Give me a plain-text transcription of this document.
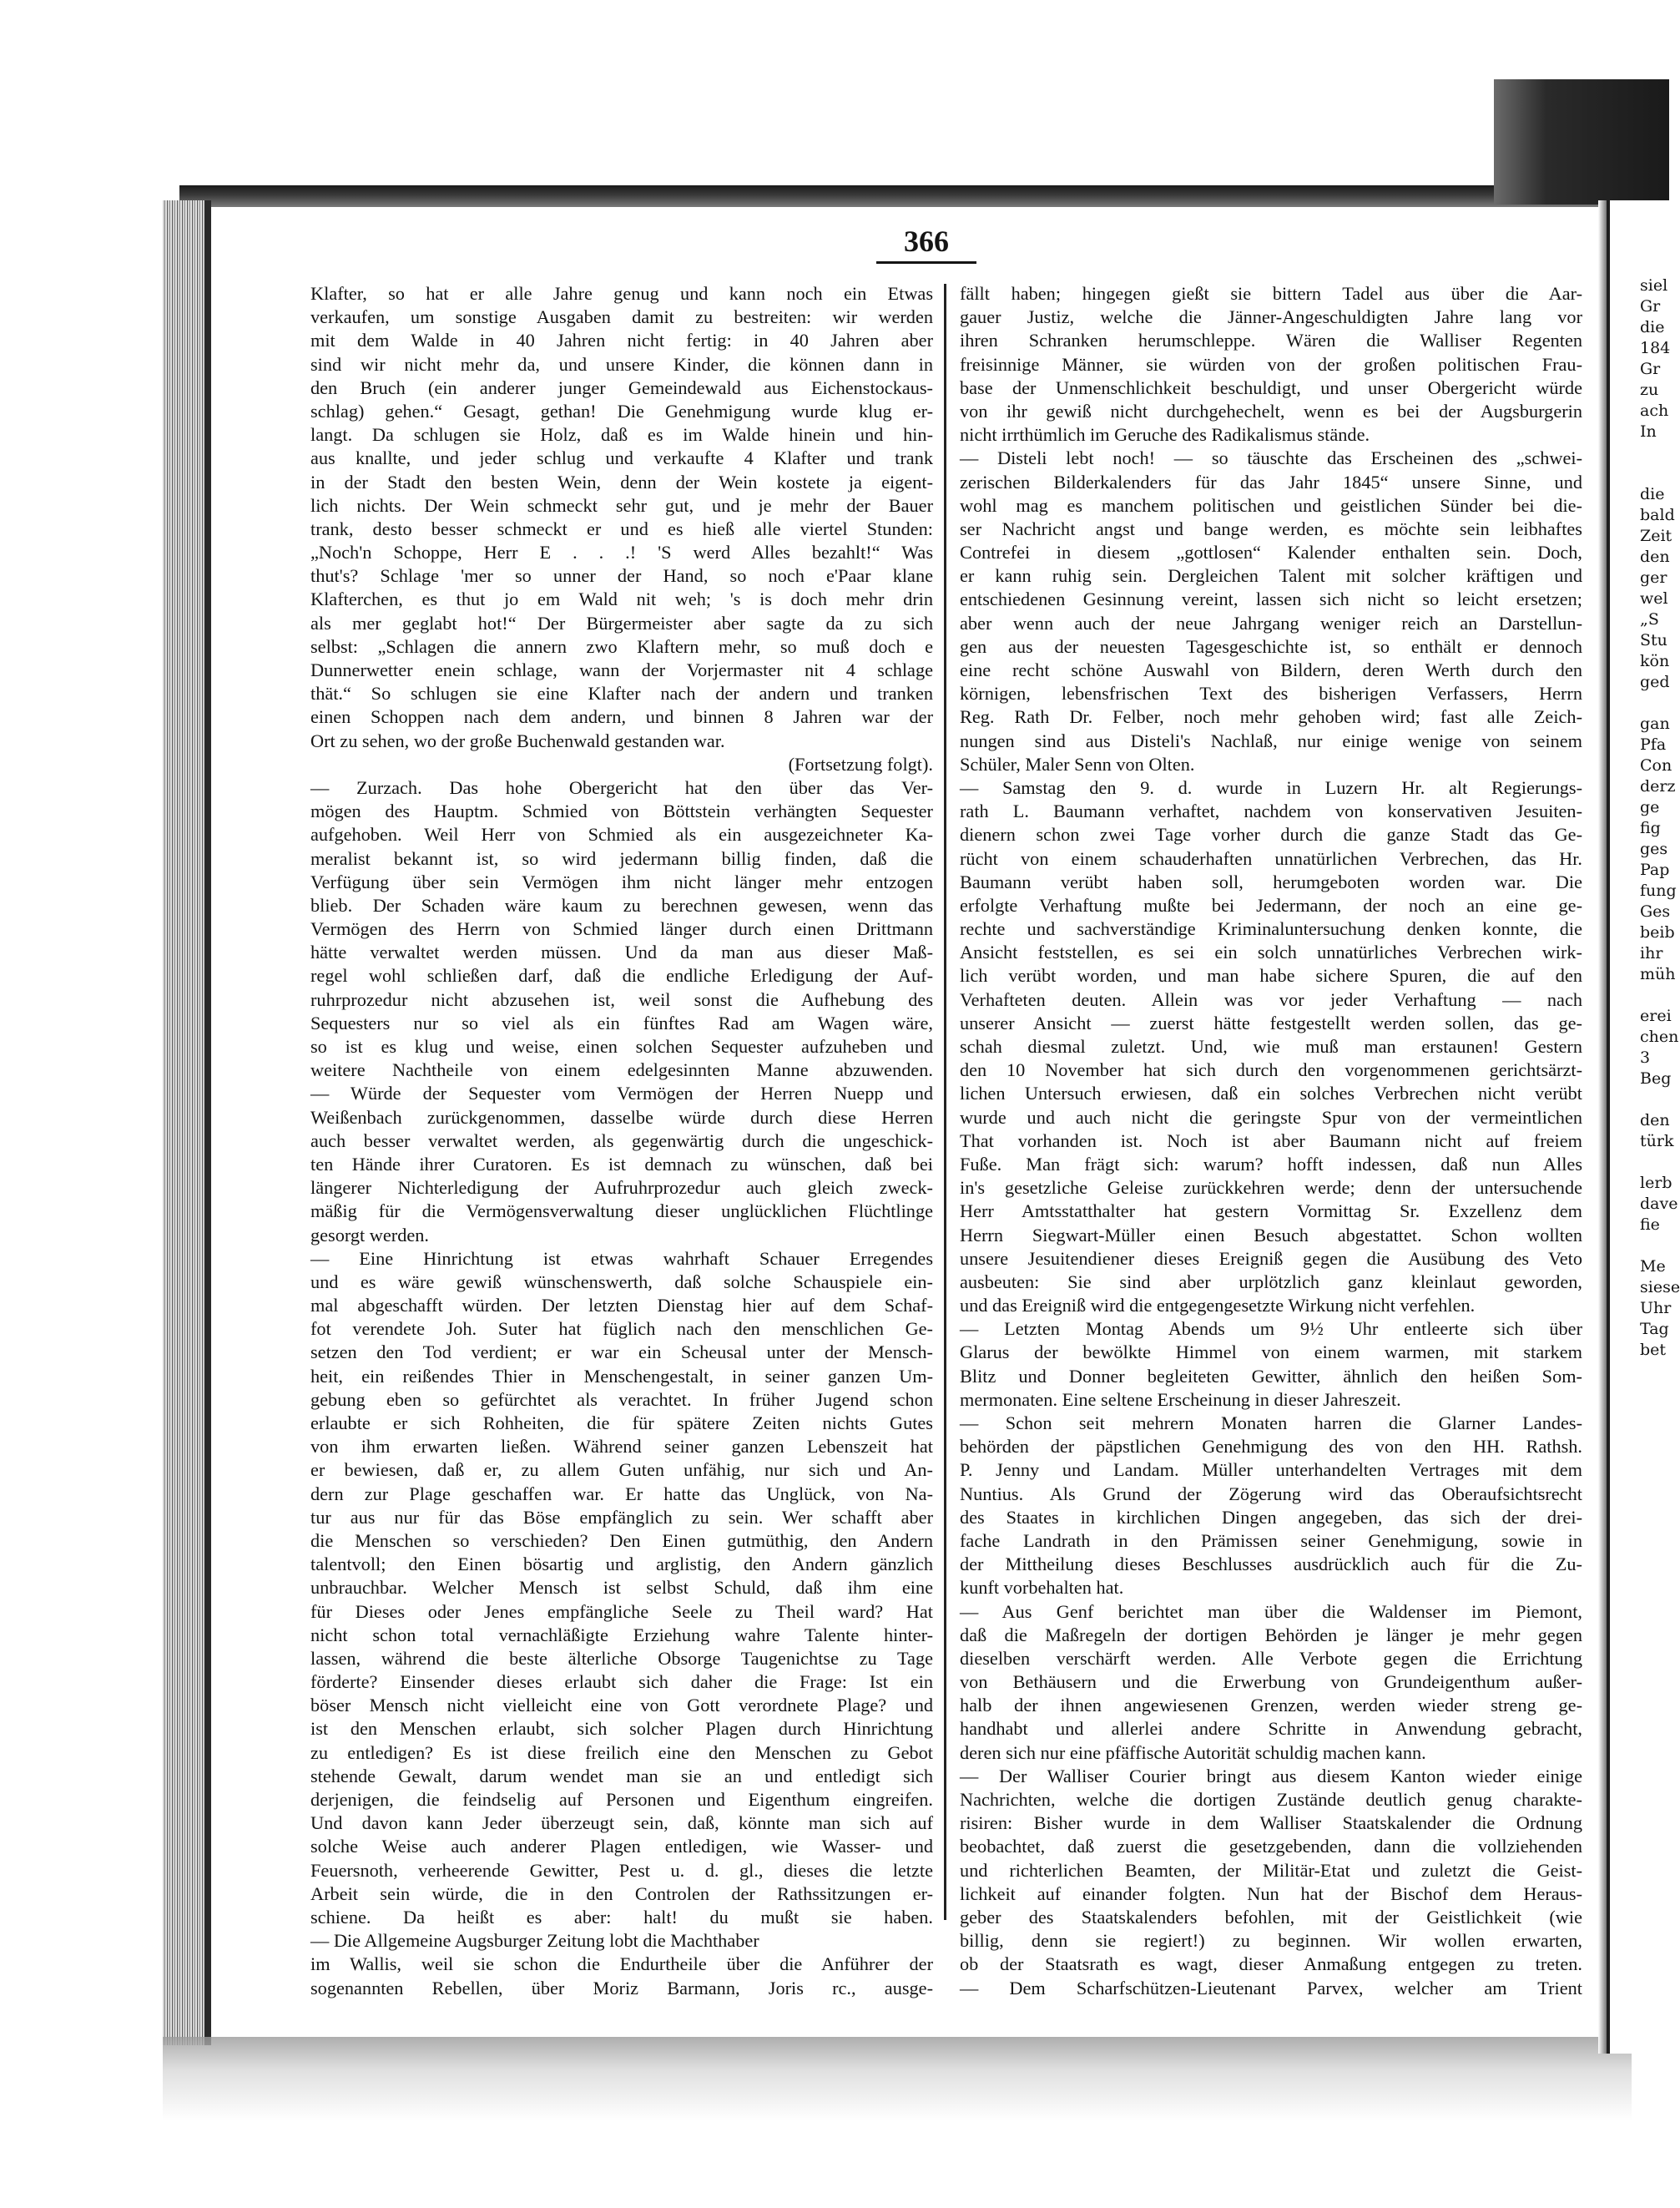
siel
Gr
die
184
Gr
zu
ach
In
die
bald
Zeit
den
ger
wel
„S
Stu
kön
ged
gan
Pfa
Con
derz
ge
fig
ges
Pap
fung
Ges
beib
ihr
müh
erei
chen
3
Beg
den
türk
lerb
dave
fie
Me
siese
Uhr
Tag
bet
366
Klafter, so hat er alle Jahre genug und kann noch ein Etwas
verkaufen, um sonstige Ausgaben damit zu bestreiten: wir werden
mit dem Walde in 40 Jahren nicht fertig: in 40 Jahren aber
sind wir nicht mehr da, und unsere Kinder, die können dann in
den Bruch (ein anderer junger Gemeindewald aus Eichenstockaus-
schlag) gehen.“ Gesagt, gethan! Die Genehmigung wurde klug er-
langt. Da schlugen sie Holz, daß es im Walde hinein und hin-
aus knallte, und jeder schlug und verkaufte 4 Klafter und trank
in der Stadt den besten Wein, denn der Wein kostete ja eigent-
lich nichts. Der Wein schmeckt sehr gut, und je mehr der Bauer
trank, desto besser schmeckt er und es hieß alle viertel Stunden:
„Noch'n Schoppe, Herr E . . .! 'S werd Alles bezahlt!“ Was
thut's? Schlage 'mer so unner der Hand, so noch e'Paar klane
Klafterchen, es thut jo em Wald nit weh; 's is doch mehr drin
als mer geglabt hot!“ Der Bürgermeister aber sagte da zu sich
selbst: „Schlagen die annern zwo Klaftern mehr, so muß doch e
Dunnerwetter enein schlage, wann der Vorjermaster nit 4 schlage
thät.“ So schlugen sie eine Klafter nach der andern und tranken
einen Schoppen nach dem andern, und binnen 8 Jahren war der
Ort zu sehen, wo der große Buchenwald gestanden war.
(Fortsetzung folgt).
— Zurzach. Das hohe Obergericht hat den über das Ver-
mögen des Hauptm. Schmied von Böttstein verhängten Sequester
aufgehoben. Weil Herr von Schmied als ein ausgezeichneter Ka-
meralist bekannt ist, so wird jedermann billig finden, daß die
Verfügung über sein Vermögen ihm nicht länger mehr entzogen
blieb. Der Schaden wäre kaum zu berechnen gewesen, wenn das
Vermögen des Herrn von Schmied länger durch einen Drittmann
hätte verwaltet werden müssen. Und da man aus dieser Maß-
regel wohl schließen darf, daß die endliche Erledigung der Auf-
ruhrprozedur nicht abzusehen ist, weil sonst die Aufhebung des
Sequesters nur so viel als ein fünftes Rad am Wagen wäre,
so ist es klug und weise, einen solchen Sequester aufzuheben und
weitere Nachtheile von einem edelgesinnten Manne abzuwenden.
— Würde der Sequester vom Vermögen der Herren Nuepp und
Weißenbach zurückgenommen, dasselbe würde durch diese Herren
auch besser verwaltet werden, als gegenwärtig durch die ungeschick-
ten Hände ihrer Curatoren. Es ist demnach zu wünschen, daß bei
längerer Nichterledigung der Aufruhrprozedur auch gleich zweck-
mäßig für die Vermögensverwaltung dieser unglücklichen Flüchtlinge
gesorgt werden.
— Eine Hinrichtung ist etwas wahrhaft Schauer Erregendes
und es wäre gewiß wünschenswerth, daß solche Schauspiele ein-
mal abgeschafft würden. Der letzten Dienstag hier auf dem Schaf-
fot verendete Joh. Suter hat füglich nach den menschlichen Ge-
setzen den Tod verdient; er war ein Scheusal unter der Mensch-
heit, ein reißendes Thier in Menschengestalt, in seiner ganzen Um-
gebung eben so gefürchtet als verachtet. In früher Jugend schon
erlaubte er sich Rohheiten, die für spätere Zeiten nichts Gutes
von ihm erwarten ließen. Während seiner ganzen Lebenszeit hat
er bewiesen, daß er, zu allem Guten unfähig, nur sich und An-
dern zur Plage geschaffen war. Er hatte das Unglück, von Na-
tur aus nur für das Böse empfänglich zu sein. Wer schafft aber
die Menschen so verschieden? Den Einen gutmüthig, den Andern
talentvoll; den Einen bösartig und arglistig, den Andern gänzlich
unbrauchbar. Welcher Mensch ist selbst Schuld, daß ihm eine
für Dieses oder Jenes empfängliche Seele zu Theil ward? Hat
nicht schon total vernachläßigte Erziehung wahre Talente hinter-
lassen, während die beste älterliche Obsorge Taugenichtse zu Tage
förderte? Einsender dieses erlaubt sich daher die Frage: Ist ein
böser Mensch nicht vielleicht eine von Gott verordnete Plage? und
ist den Menschen erlaubt, sich solcher Plagen durch Hinrichtung
zu entledigen? Es ist diese freilich eine den Menschen zu Gebot
stehende Gewalt, darum wendet man sie an und entledigt sich
derjenigen, die feindselig auf Personen und Eigenthum eingreifen.
Und davon kann Jeder überzeugt sein, daß, könnte man sich auf
solche Weise auch anderer Plagen entledigen, wie Wasser- und
Feuersnoth, verheerende Gewitter, Pest u. d. gl., dieses die letzte
Arbeit sein würde, die in den Controlen der Rathssitzungen er-
schiene. Da heißt es aber: halt! du mußt sie haben.
— Die Allgemeine Augsburger Zeitung lobt die Machthaber
im Wallis, weil sie schon die Endurtheile über die Anführer der
sogenannten Rebellen, über Moriz Barmann, Joris rc., ausge-
fällt haben; hingegen gießt sie bittern Tadel aus über die Aar-
gauer Justiz, welche die Jänner-Angeschuldigten Jahre lang vor
ihren Schranken herumschleppe. Wären die Walliser Regenten
freisinnige Männer, sie würden von der großen politischen Frau-
base der Unmenschlichkeit beschuldigt, und unser Obergericht würde
von ihr gewiß nicht durchgehechelt, wenn es bei der Augsburgerin
nicht irrthümlich im Geruche des Radikalismus stände.
— Disteli lebt noch! — so täuschte das Erscheinen des „schwei-
zerischen Bilderkalenders für das Jahr 1845“ unsere Sinne, und
wohl mag es manchem politischen und geistlichen Sünder bei die-
ser Nachricht angst und bange werden, es möchte sein leibhaftes
Contrefei in diesem „gottlosen“ Kalender enthalten sein. Doch,
er kann ruhig sein. Dergleichen Talent mit solcher kräftigen und
entschiedenen Gesinnung vereint, lassen sich nicht so leicht ersetzen;
aber wenn auch der neue Jahrgang weniger reich an Darstellun-
gen aus der neuesten Tagesgeschichte ist, so enthält er dennoch
eine recht schöne Auswahl von Bildern, deren Werth durch den
körnigen, lebensfrischen Text des bisherigen Verfassers, Herrn
Reg. Rath Dr. Felber, noch mehr gehoben wird; fast alle Zeich-
nungen sind aus Disteli's Nachlaß, nur einige wenige von seinem
Schüler, Maler Senn von Olten.
— Samstag den 9. d. wurde in Luzern Hr. alt Regierungs-
rath L. Baumann verhaftet, nachdem von konservativen Jesuiten-
dienern schon zwei Tage vorher durch die ganze Stadt das Ge-
rücht von einem schauderhaften unnatürlichen Verbrechen, das Hr.
Baumann verübt haben soll, herumgeboten worden war. Die
erfolgte Verhaftung mußte bei Jedermann, der noch an eine ge-
rechte und sachverständige Kriminaluntersuchung denken konnte, die
Ansicht feststellen, es sei ein solch unnatürliches Verbrechen wirk-
lich verübt worden, und man habe sichere Spuren, die auf den
Verhafteten deuten. Allein was vor jeder Verhaftung — nach
unserer Ansicht — zuerst hätte festgestellt werden sollen, das ge-
schah diesmal zuletzt. Und, wie muß man erstaunen! Gestern
den 10 November hat sich durch den vorgenommenen gerichtsärzt-
lichen Untersuch erwiesen, daß ein solches Verbrechen nicht verübt
wurde und auch nicht die geringste Spur von der vermeintlichen
That vorhanden ist. Noch ist aber Baumann nicht auf freiem
Fuße. Man frägt sich: warum? hofft indessen, daß nun Alles
in's gesetzliche Geleise zurückkehren werde; denn der untersuchende
Herr Amtsstatthalter hat gestern Vormittag Sr. Exzellenz dem
Herrn Siegwart-Müller einen Besuch abgestattet. Schon wollten
unsere Jesuitendiener dieses Ereigniß gegen die Ausübung des Veto
ausbeuten: Sie sind aber urplötzlich ganz kleinlaut geworden,
und das Ereigniß wird die entgegengesetzte Wirkung nicht verfehlen.
— Letzten Montag Abends um 9½ Uhr entleerte sich über
Glarus der bewölkte Himmel von einem warmen, mit starkem
Blitz und Donner begleiteten Gewitter, ähnlich den heißen Som-
mermonaten. Eine seltene Erscheinung in dieser Jahreszeit.
— Schon seit mehrern Monaten harren die Glarner Landes-
behörden der päpstlichen Genehmigung des von den HH. Rathsh.
P. Jenny und Landam. Müller unterhandelten Vertrages mit dem
Nuntius. Als Grund der Zögerung wird das Oberaufsichtsrecht
des Staates in kirchlichen Dingen angegeben, das sich der drei-
fache Landrath in den Prämissen seiner Genehmigung, sowie in
der Mittheilung dieses Beschlusses ausdrücklich auch für die Zu-
kunft vorbehalten hat.
— Aus Genf berichtet man über die Waldenser im Piemont,
daß die Maßregeln der dortigen Behörden je länger je mehr gegen
dieselben verschärft werden. Alle Verbote gegen die Errichtung
von Bethäusern und die Erwerbung von Grundeigenthum außer-
halb der ihnen angewiesenen Grenzen, werden wieder streng ge-
handhabt und allerlei andere Schritte in Anwendung gebracht,
deren sich nur eine pfäffische Autorität schuldig machen kann.
— Der Walliser Courier bringt aus diesem Kanton wieder einige
Nachrichten, welche die dortigen Zustände deutlich genug charakte-
risiren: Bisher wurde in dem Walliser Staatskalender die Ordnung
beobachtet, daß zuerst die gesetzgebenden, dann die vollziehenden
und richterlichen Beamten, der Militär-Etat und zuletzt die Geist-
lichkeit auf einander folgten. Nun hat der Bischof dem Heraus-
geber des Staatskalenders befohlen, mit der Geistlichkeit (wie
billig, denn sie regiert!) zu beginnen. Wir wollen erwarten,
ob der Staatsrath es wagt, dieser Anmaßung entgegen zu treten.
— Dem Scharfschützen-Lieutenant Parvex, welcher am Trient
